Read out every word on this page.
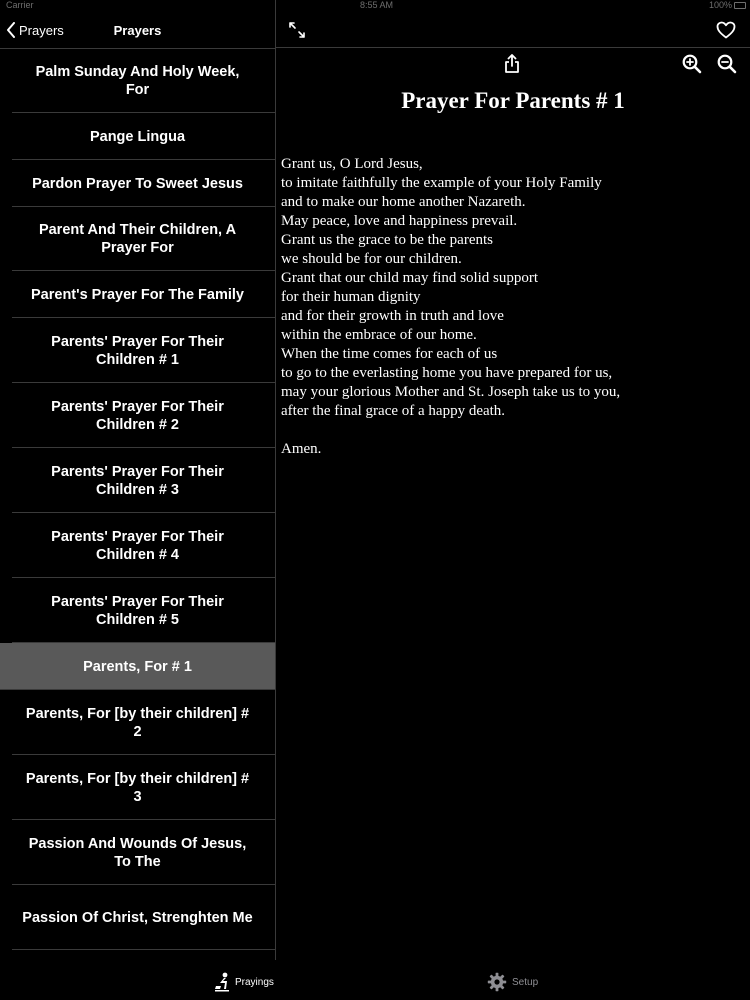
Carrier	8:55 AM	100%
Prayers	Prayers
Palm Sunday And Holy Week, For
Pange Lingua
Pardon Prayer To Sweet Jesus
Parent And Their Children, A Prayer For
Parent's Prayer For The Family
Parents' Prayer For Their Children # 1
Parents' Prayer For Their Children # 2
Parents' Prayer For Their Children # 3
Parents' Prayer For Their Children # 4
Parents' Prayer For Their Children # 5
Parents, For # 1
Parents, For [by their children] # 2
Parents, For [by their children] # 3
Passion And Wounds Of Jesus, To The
Passion Of Christ, Strenghten Me
Prayer For Parents # 1
Grant us, O Lord Jesus,
to imitate faithfully the example of your Holy Family
and to make our home another Nazareth.
May peace, love and happiness prevail.
Grant us the grace to be the parents
we should be for our children.
Grant that our child may find solid support
for their human dignity
and for their growth in truth and love
within the embrace of our home.
When the time comes for each of us
to go to the everlasting home you have prepared for us,
may your glorious Mother and St. Joseph take us to you,
after the final grace of a happy death.
Amen.
Prayings	Setup
